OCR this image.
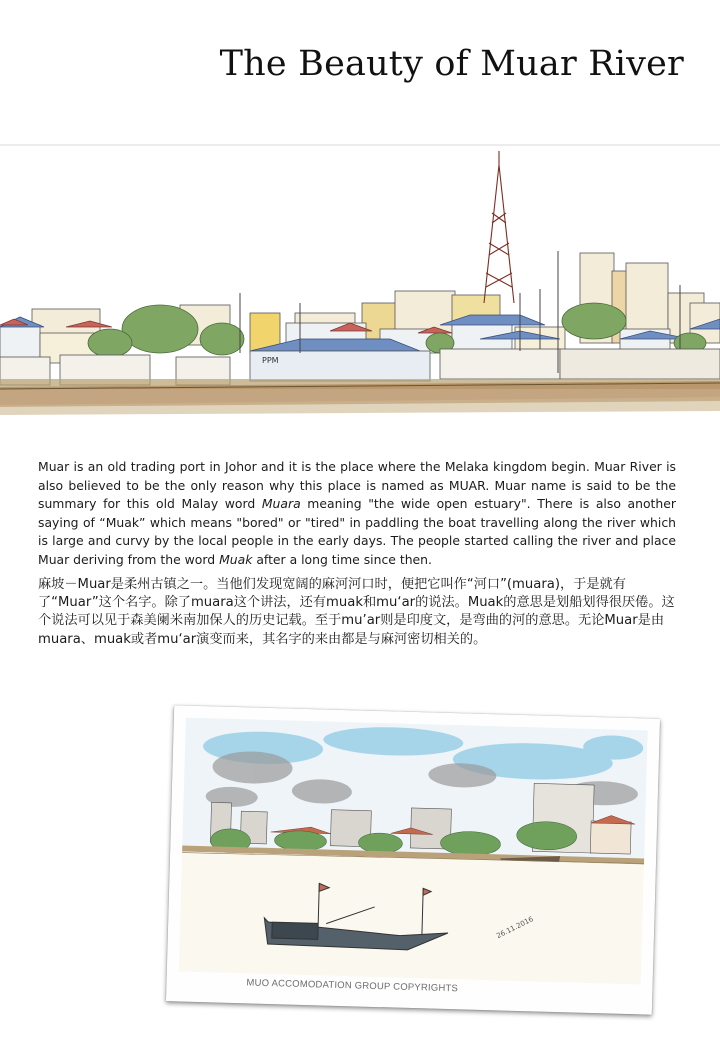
The Beauty of Muar River
PPM
Muar is an old trading port in Johor and it is the place where the Melaka kingdom begin. Muar River is also believed to be the only reason why this place is named as MUAR. Muar name is said to be the summary for this old Malay word Muara meaning "the wide open estuary". There is also another saying of “Muak” which means "bored" or "tired" in paddling the boat travelling along the river which is large and curvy by the local people in the early days. The people started calling the river and place Muar deriving from the word Muak after a long time since then.
麻坡－Muar是柔州古镇之一。当他们发现宽阔的麻河河口时，便把它叫作“河口”(muara)，于是就有了“Muar”这个名字。除了muara这个讲法，还有muak和mu‘ar的说法。Muak的意思是划船划得很厌倦。这个说法可以见于森美阑米南加保人的历史记载。至于mu’ar则是印度文，是弯曲的河的意思。无论Muar是由muara、muak或者mu‘ar演变而来，其名字的来由都是与麻河密切相关的。
26.11.2016
MUO ACCOMODATION GROUP COPYRIGHTS
